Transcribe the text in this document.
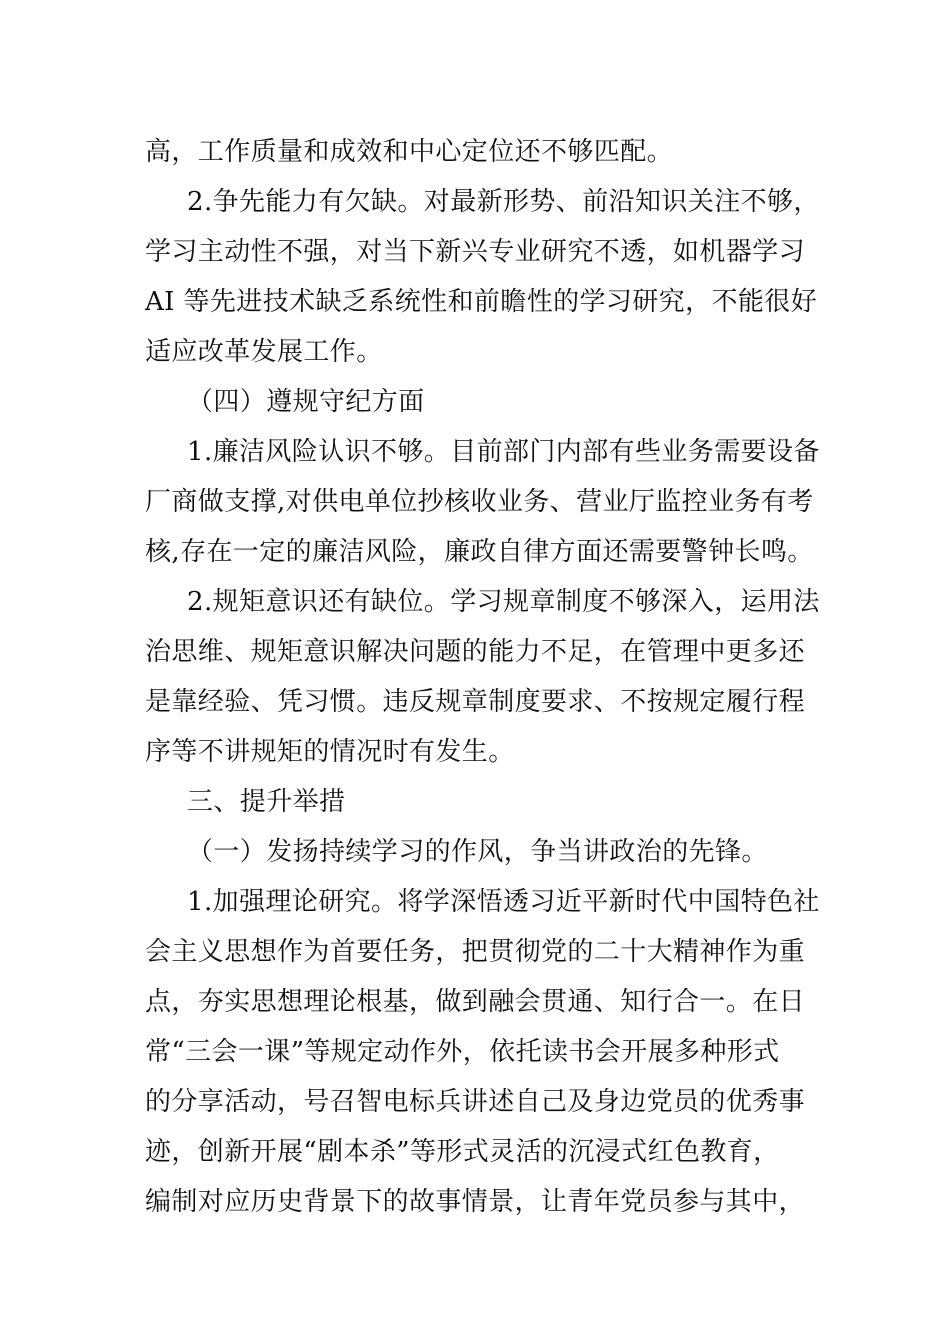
高，工作质量和成效和中心定位还不够匹配。
2.争先能力有欠缺。对最新形势、前沿知识关注不够，
学习主动性不强，对当下新兴专业研究不透，如机器学习
AI 等先进技术缺乏系统性和前瞻性的学习研究，不能很好
适应改革发展工作。
（四）遵规守纪方面
1.廉洁风险认识不够。目前部门内部有些业务需要设备
厂商做支撑,对供电单位抄核收业务、营业厅监控业务有考
核,存在一定的廉洁风险，廉政自律方面还需要警钟长鸣。
2.规矩意识还有缺位。学习规章制度不够深入，运用法
治思维、规矩意识解决问题的能力不足，在管理中更多还
是靠经验、凭习惯。违反规章制度要求、不按规定履行程
序等不讲规矩的情况时有发生。
三、提升举措
（一）发扬持续学习的作风，争当讲政治的先锋。
1.加强理论研究。将学深悟透习近平新时代中国特色社
会主义思想作为首要任务，把贯彻党的二十大精神作为重
点，夯实思想理论根基，做到融会贯通、知行合一。在日
常“三会一课”等规定动作外，依托读书会开展多种形式
的分享活动，号召智电标兵讲述自己及身边党员的优秀事
迹，创新开展“剧本杀”等形式灵活的沉浸式红色教育，
编制对应历史背景下的故事情景，让青年党员参与其中，
